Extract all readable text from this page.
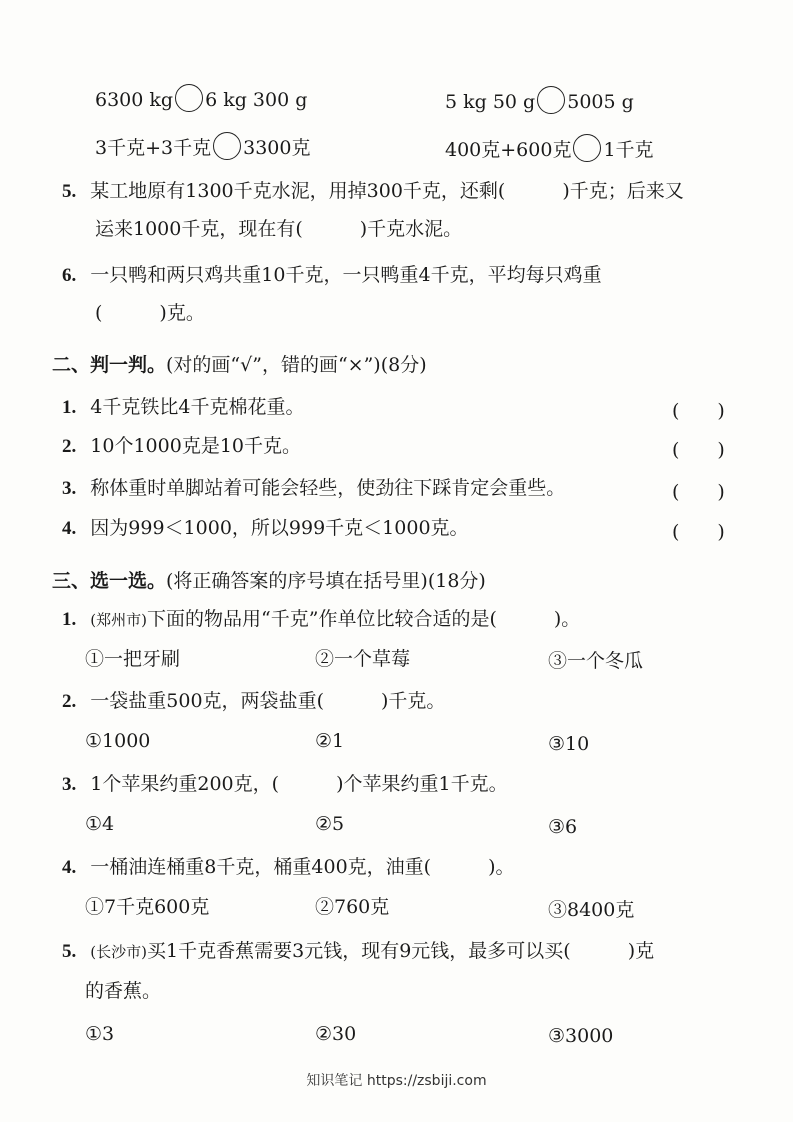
6300 kg 6 kg 300 g	5 kg 50 g 5005 g
3千克+3千克 3300克	400克+600克 1千克
5. 某工地原有1300千克水泥，用掉300千克，还剩(　　　)千克；后来又
运来1000千克，现在有(　　　)千克水泥。
6. 一只鸭和两只鸡共重10千克，一只鸭重4千克，平均每只鸡重
(　　　)克。
二、判一判。(对的画“√”，错的画“×”)(8分)
1. 4千克铁比4千克棉花重。	(　　)
2. 10个1000克是10千克。	(　　)
3. 称体重时单脚站着可能会轻些，使劲往下踩肯定会重些。	(　　)
4. 因为999＜1000，所以999千克＜1000克。	(　　)
三、选一选。(将正确答案的序号填在括号里)(18分)
1. (郑州市)下面的物品用“千克”作单位比较合适的是(　　　)。
①一把牙刷	②一个草莓	③一个冬瓜
2. 一袋盐重500克，两袋盐重(　　　)千克。
①1000	②1	③10
3. 1个苹果约重200克，(　　　)个苹果约重1千克。
①4	②5	③6
4. 一桶油连桶重8千克，桶重400克，油重(　　　)。
①7千克600克	②760克	③8400克
5. (长沙市)买1千克香蕉需要3元钱，现有9元钱，最多可以买(　　　)克
的香蕉。
①3	②30	③3000
知识笔记 https://zsbiji.com
